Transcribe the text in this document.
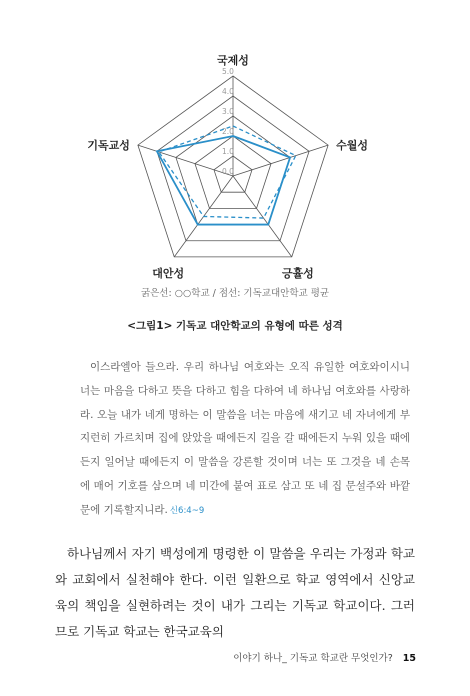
5.0
4.0
3.0
2.0
1.0
0.0
국제성
수월성
긍휼성
대안성
기독교성
굵은선: ○○학교 / 점선: 기독교대안학교 평균
<그림1> 기독교 대안학교의 유형에 따른 성격
이스라엘아 들으라. 우리 하나님 여호와는 오직 유일한 여호와이시니 너는 마음을 다하고 뜻을 다하고 힘을 다하여 네 하나님 여호와를 사랑하라. 오늘 내가 네게 명하는 이 말씀을 너는 마음에 새기고 네 자녀에게 부지런히 가르치며 집에 앉았을 때에든지 길을 갈 때에든지 누워 있을 때에든지 일어날 때에든지 이 말씀을 강론할 것이며 너는 또 그것을 네 손목에 매어 기호를 삼으며 네 미간에 붙여 표로 삼고 또 네 집 문설주와 바깥문에 기록할지니라. 신6:4~9
하나님께서 자기 백성에게 명령한 이 말씀을 우리는 가정과 학교와 교회에서 실천해야 한다. 이런 일환으로 학교 영역에서 신앙교육의 책임을 실현하려는 것이 내가 그리는 기독교 학교이다. 그러므로 기독교 학교는 한국교육의
이야기 하나_ 기독교 학교란 무엇인가? 15
